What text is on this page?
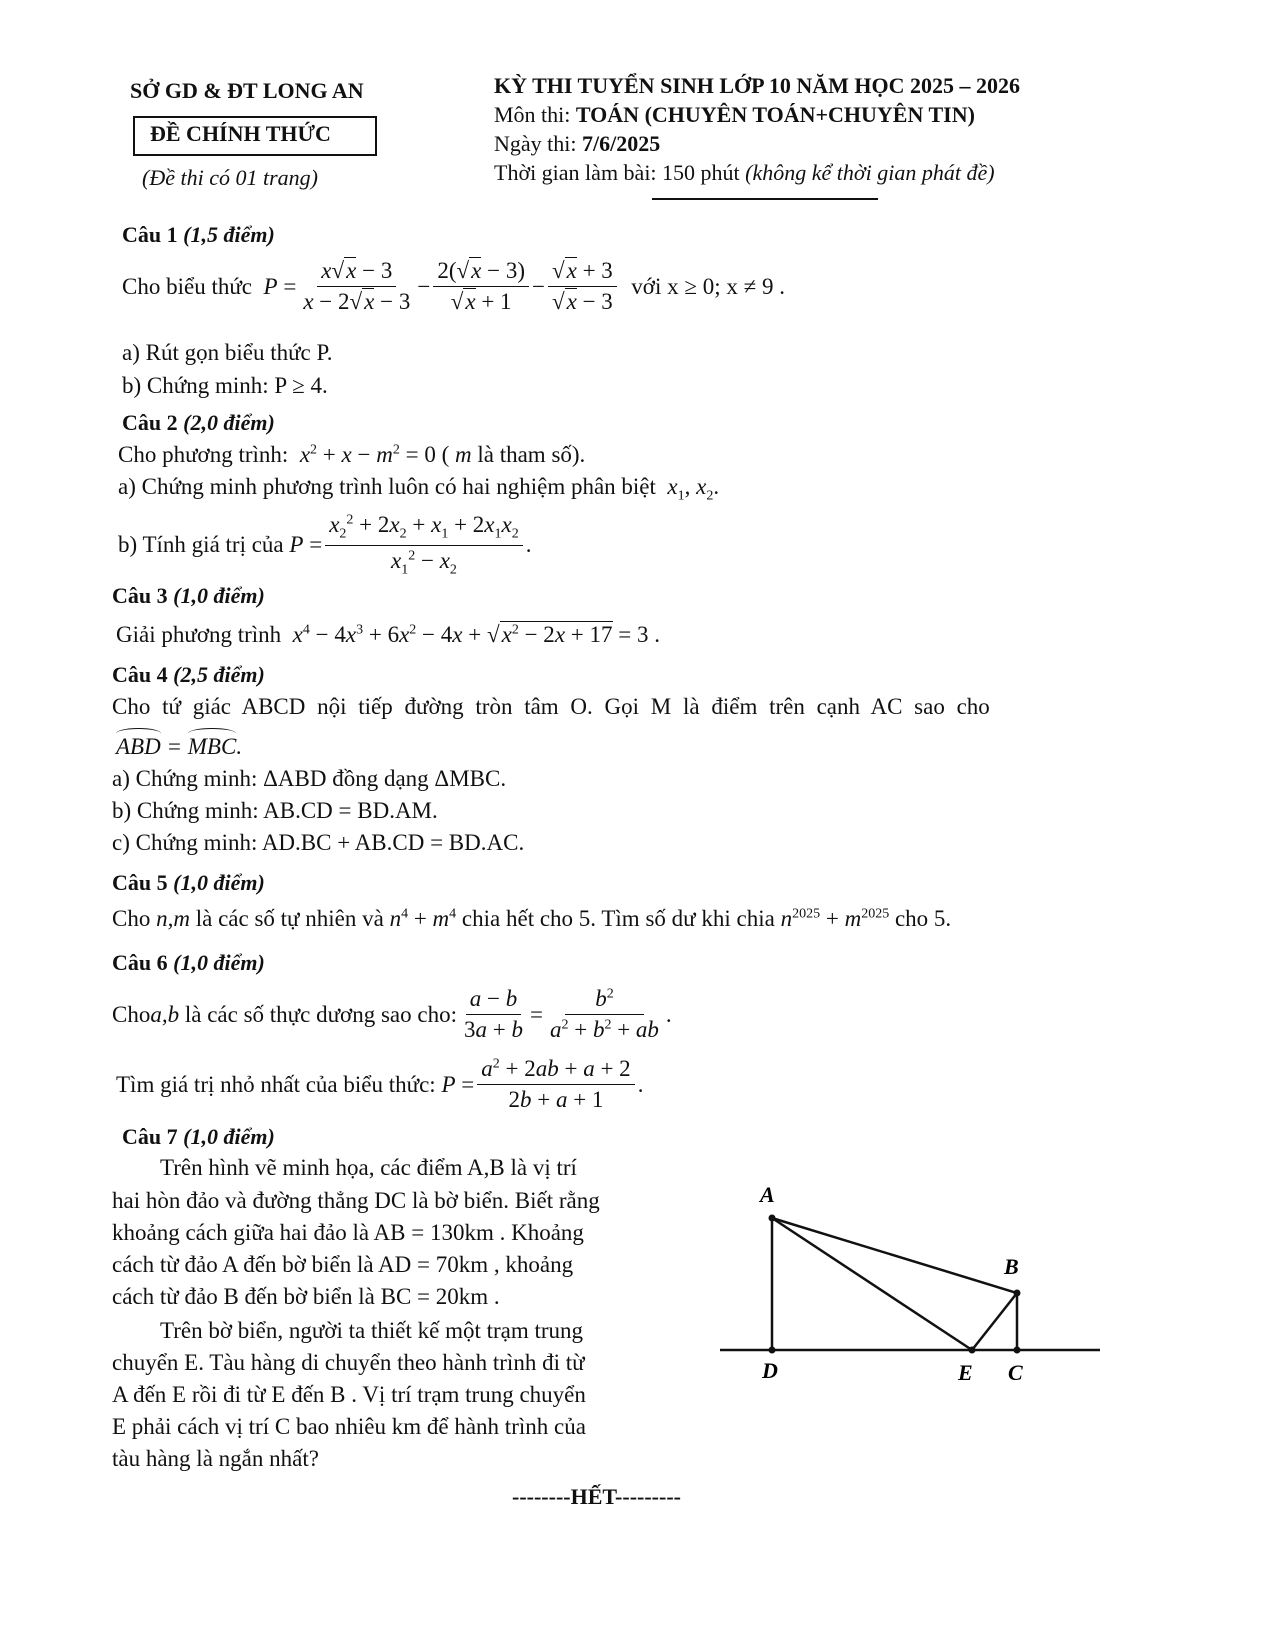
SỞ GD & ĐT LONG AN
ĐỀ CHÍNH THỨC
(Đề thi có 01 trang)
KỲ THI TUYỂN SINH LỚP 10 NĂM HỌC 2025 – 2026
Môn thi: TOÁN (CHUYÊN TOÁN+CHUYÊN TIN)
Ngày thi: 7/6/2025
Thời gian làm bài: 150 phút (không kể thời gian phát đề)
Câu 1 (1,5 điểm)
Cho biểu thức
$P = \frac{x√x - 3}{x - 2√x - 3} - \frac{2(√x - 3)}{√x + 1} - \frac{√x + 3}{√x - 3}$
với x ≥ 0; x ≠ 9 .
a) Rút gọn biểu thức P.
b) Chứng minh: P ≥ 4.
Câu 2 (2,0 điểm)
Cho phương trình: $x^2 + x - m^2 = 0$ ( m là tham số).
a) Chứng minh phương trình luôn có hai nghiệm phân biệt $x_1$, $x_2$.
b) Tính giá trị của
$P = \frac{x_2^2 + 2x_2 + x_1 + 2x_1x_2}{x_1^2 - x_2}$ .
Câu 3 (1,0 điểm)
Giải phương trình $x^4 - 4x^3 + 6x^2 - 4x + √x^2 - 2x + 17 = 3$ .
Câu 4 (2,5 điểm)
Cho tứ giác ABCD nội tiếp đường tròn tâm O. Gọi M là điểm trên cạnh AC sao cho
ABD = MBC.
a) Chứng minh: ΔABD đồng dạng ΔMBC.
b) Chứng minh: AB.CD = BD.AM.
c) Chứng minh: AD.BC + AB.CD = BD.AC.
Câu 5 (1,0 điểm)
Cho n,m là các số tự nhiên và $n^4 + m^4$ chia hết cho 5. Tìm số dư khi chia $n^{2025} + m^{2025}$ cho 5.
Câu 6 (1,0 điểm)
Cho a,b
là các số thực dương sao cho: $\frac{a - b}{3a + b} = \frac{b^2}{a^2 + b^2 + ab}$ .
Tìm giá trị nhỏ nhất của biểu thức:
$P = \frac{a^2 + 2ab + a + 2}{2b + a + 1}$ .
Câu 7 (1,0 điểm)
Trên hình vẽ minh họa, các điểm A,B là vị trí
hai hòn đảo và đường thẳng DC là bờ biển. Biết rằng
khoảng cách giữa hai đảo là AB = 130km . Khoảng
cách từ đảo A đến bờ biển là AD = 70km , khoảng
cách từ đảo B đến bờ biển là BC = 20km .
Trên bờ biển, người ta thiết kế một trạm trung
chuyển E. Tàu hàng di chuyển theo hành trình đi từ
A đến E rồi đi từ E đến B . Vị trí trạm trung chuyển
E phải cách vị trí C bao nhiêu km để hành trình của
tàu hàng là ngắn nhất?
A
B
D	E C
--------HẾT---------
